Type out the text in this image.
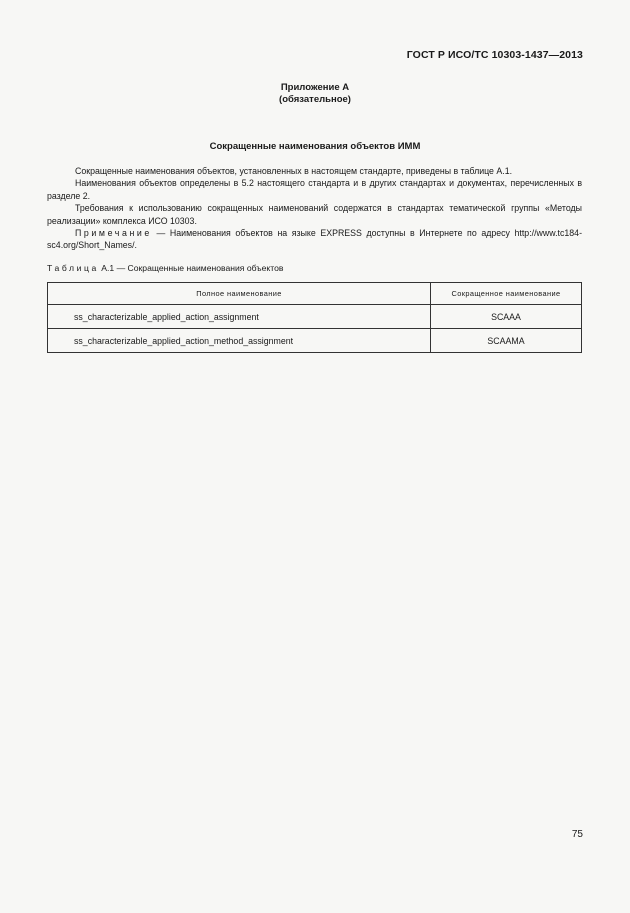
ГОСТ Р ИСО/ТС 10303-1437—2013
Приложение А
(обязательное)
Сокращенные наименования объектов ИММ

Сокращенные наименования объектов, установленных в настоящем стандарте, приведены в таблице А.1.

Наименования объектов определены в 5.2 настоящего стандарта и в других стандартах и документах, перечисленных в разделе 2.

Требования к использованию сокращенных наименований содержатся в стандартах тематической группы «Методы реализации» комплекса ИСО 10303.

Примечание — Наименования объектов на языке EXPRESS доступны в Интернете по адресу http://www.tc184-sc4.org/Short_Names/.

Таблица А.1 — Сокращенные наименования объектов
Полное наименование	Сокращенное наименование
ss_characterizable_applied_action_assignment	SCAAA
ss_characterizable_applied_action_method_assignment	SCAAMA
75
